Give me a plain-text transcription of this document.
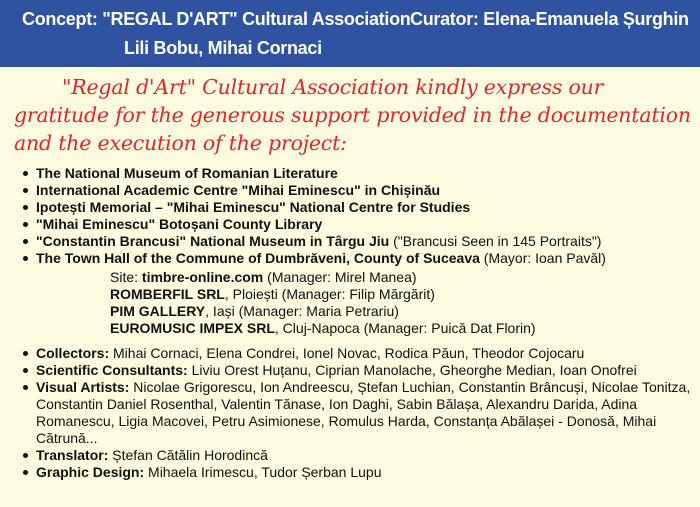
Concept: "REGAL D'ART" Cultural Association
Lili Bobu, Mihai Cornaci
Curator: Elena-Emanuela Șurghin
"Regal d'Art" Cultural Association kindly express our gratitude for the generous support provided in the documentation and the execution of the project:
The National Museum of Romanian Literature
International Academic Centre "Mihai Eminescu" in Chișinău
Ipotești Memorial – "Mihai Eminescu" National Centre for Studies
"Mihai Eminescu" Botoșani County Library
"Constantin Brancusi" National Museum in Târgu Jiu ("Brancusi Seen in 145 Portraits")
The Town Hall of the Commune of Dumbrăveni, County of Suceava (Mayor: Ioan Pavăl)
Site: timbre-online.com (Manager: Mirel Manea)
ROMBERFIL SRL, Ploiești (Manager: Filip Mărgărit)
PIM GALLERY, Iași (Manager: Maria Petrariu)
EUROMUSIC IMPEX SRL, Cluj-Napoca (Manager: Puică Dat Florin)
Collectors: Mihai Cornaci, Elena Condrei, Ionel Novac, Rodica Păun, Theodor Cojocaru
Scientific Consultants: Liviu Orest Huțanu, Ciprian Manolache, Gheorghe Median, Ioan Onofrei
Visual Artists: Nicolae Grigorescu, Ion Andreescu, Ștefan Luchian, Constantin Brâncuși, Nicolae Tonitza, Constantin Daniel Rosenthal, Valentin Tănase, Ion Daghi, Sabin Bălașa, Alexandru Darida, Adina Romanescu, Ligia Macovei, Petru Asimionese, Romulus Harda, Constanța Abălașei - Donosă, Mihai Cătrună...
Translator: Ștefan Cătălin Horodincă
Graphic Design: Mihaela Irimescu, Tudor Șerban Lupu
